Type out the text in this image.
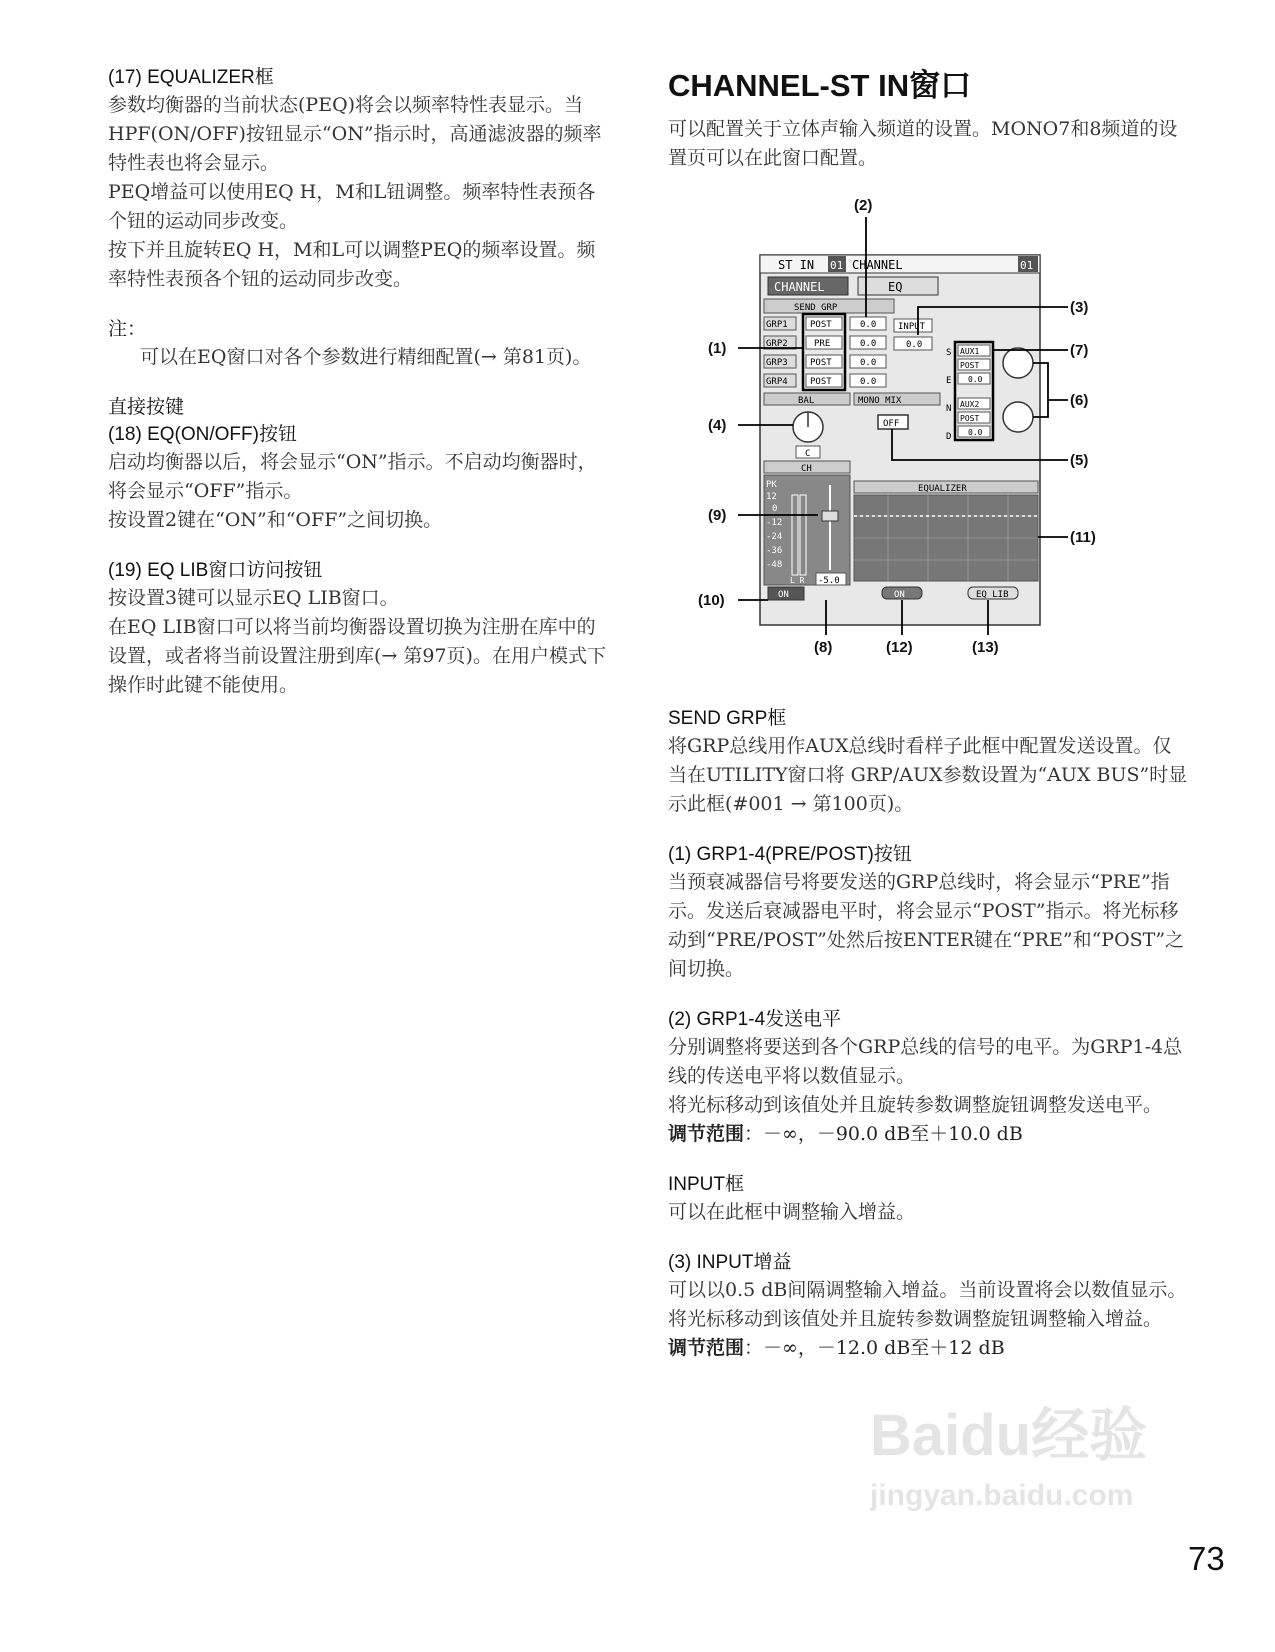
(17) EQUALIZER框

参数均衡器的当前状态(PEQ)将会以频率特性表显示。当HPF(ON/OFF)按钮显示“ON”指示时，高通滤波器的频率特性表也将会显示。

PEQ增益可以使用EQ H，M和L钮调整。频率特性表预各个钮的运动同步改变。

按下并且旋转EQ H，M和L可以调整PEQ的频率设置。频率特性表预各个钮的运动同步改变。

注：

可以在EQ窗口对各个参数进行精细配置(→ 第81页)。

直接按键

(18) EQ(ON/OFF)按钮

启动均衡器以后，将会显示“ON”指示。不启动均衡器时，将会显示“OFF”指示。

按设置2键在“ON”和“OFF”之间切换。

(19) EQ LIB窗口访问按钮

按设置3键可以显示EQ LIB窗口。

在EQ LIB窗口可以将当前均衡器设置切换为注册在库中的设置，或者将当前设置注册到库(→ 第97页)。在用户模式下操作时此键不能使用。

CHANNEL-ST IN窗口

可以配置关于立体声输入频道的设置。MONO7和8频道的设置页可以在此窗口配置。

ST IN 01 CHANNEL	01
CHANNEL	EQ
SEND GRP
GRP1 POST	0.0
GRP2	PRE	0.0
GRP3 POST	0.0
GRP4 POST	0.0
INPUT
0.0
BAL
C
MONO MIX
OFF
S
E
N
D
AUX1
POST
0.0
AUX2
POST
0.0
CH
PK
12
0
-12
-24
-36
-48
L R -5.0
ON
EQUALIZER
ON	EQ LIB
(2)
(1)
(3)
(4)
(5)
(6)
(7)
(8)
(9)
(10)
(11)
(12)	(13)

SEND GRP框

将GRP总线用作AUX总线时看样子此框中配置发送设置。仅当在UTILITY窗口将 GRP/AUX参数设置为“AUX BUS”时显示此框(#001 → 第100页)。

(1) GRP1-4(PRE/POST)按钮

当预衰减器信号将要发送的GRP总线时，将会显示“PRE”指示。发送后衰减器电平时，将会显示“POST”指示。将光标移动到“PRE/POST”处然后按ENTER键在“PRE”和“POST”之间切换。

(2) GRP1-4发送电平

分别调整将要送到各个GRP总线的信号的电平。为GRP1-4总线的传送电平将以数值显示。

将光标移动到该值处并且旋转参数调整旋钮调整发送电平。

调节范围：－∞，－90.0 dB至＋10.0 dB

INPUT框

可以在此框中调整输入增益。

(3) INPUT增益

可以以0.5 dB间隔调整输入增益。当前设置将会以数值显示。

将光标移动到该值处并且旋转参数调整旋钮调整输入增益。

调节范围：－∞，－12.0 dB至＋12 dB

Baidu经验
jingyan.baidu.com
73
